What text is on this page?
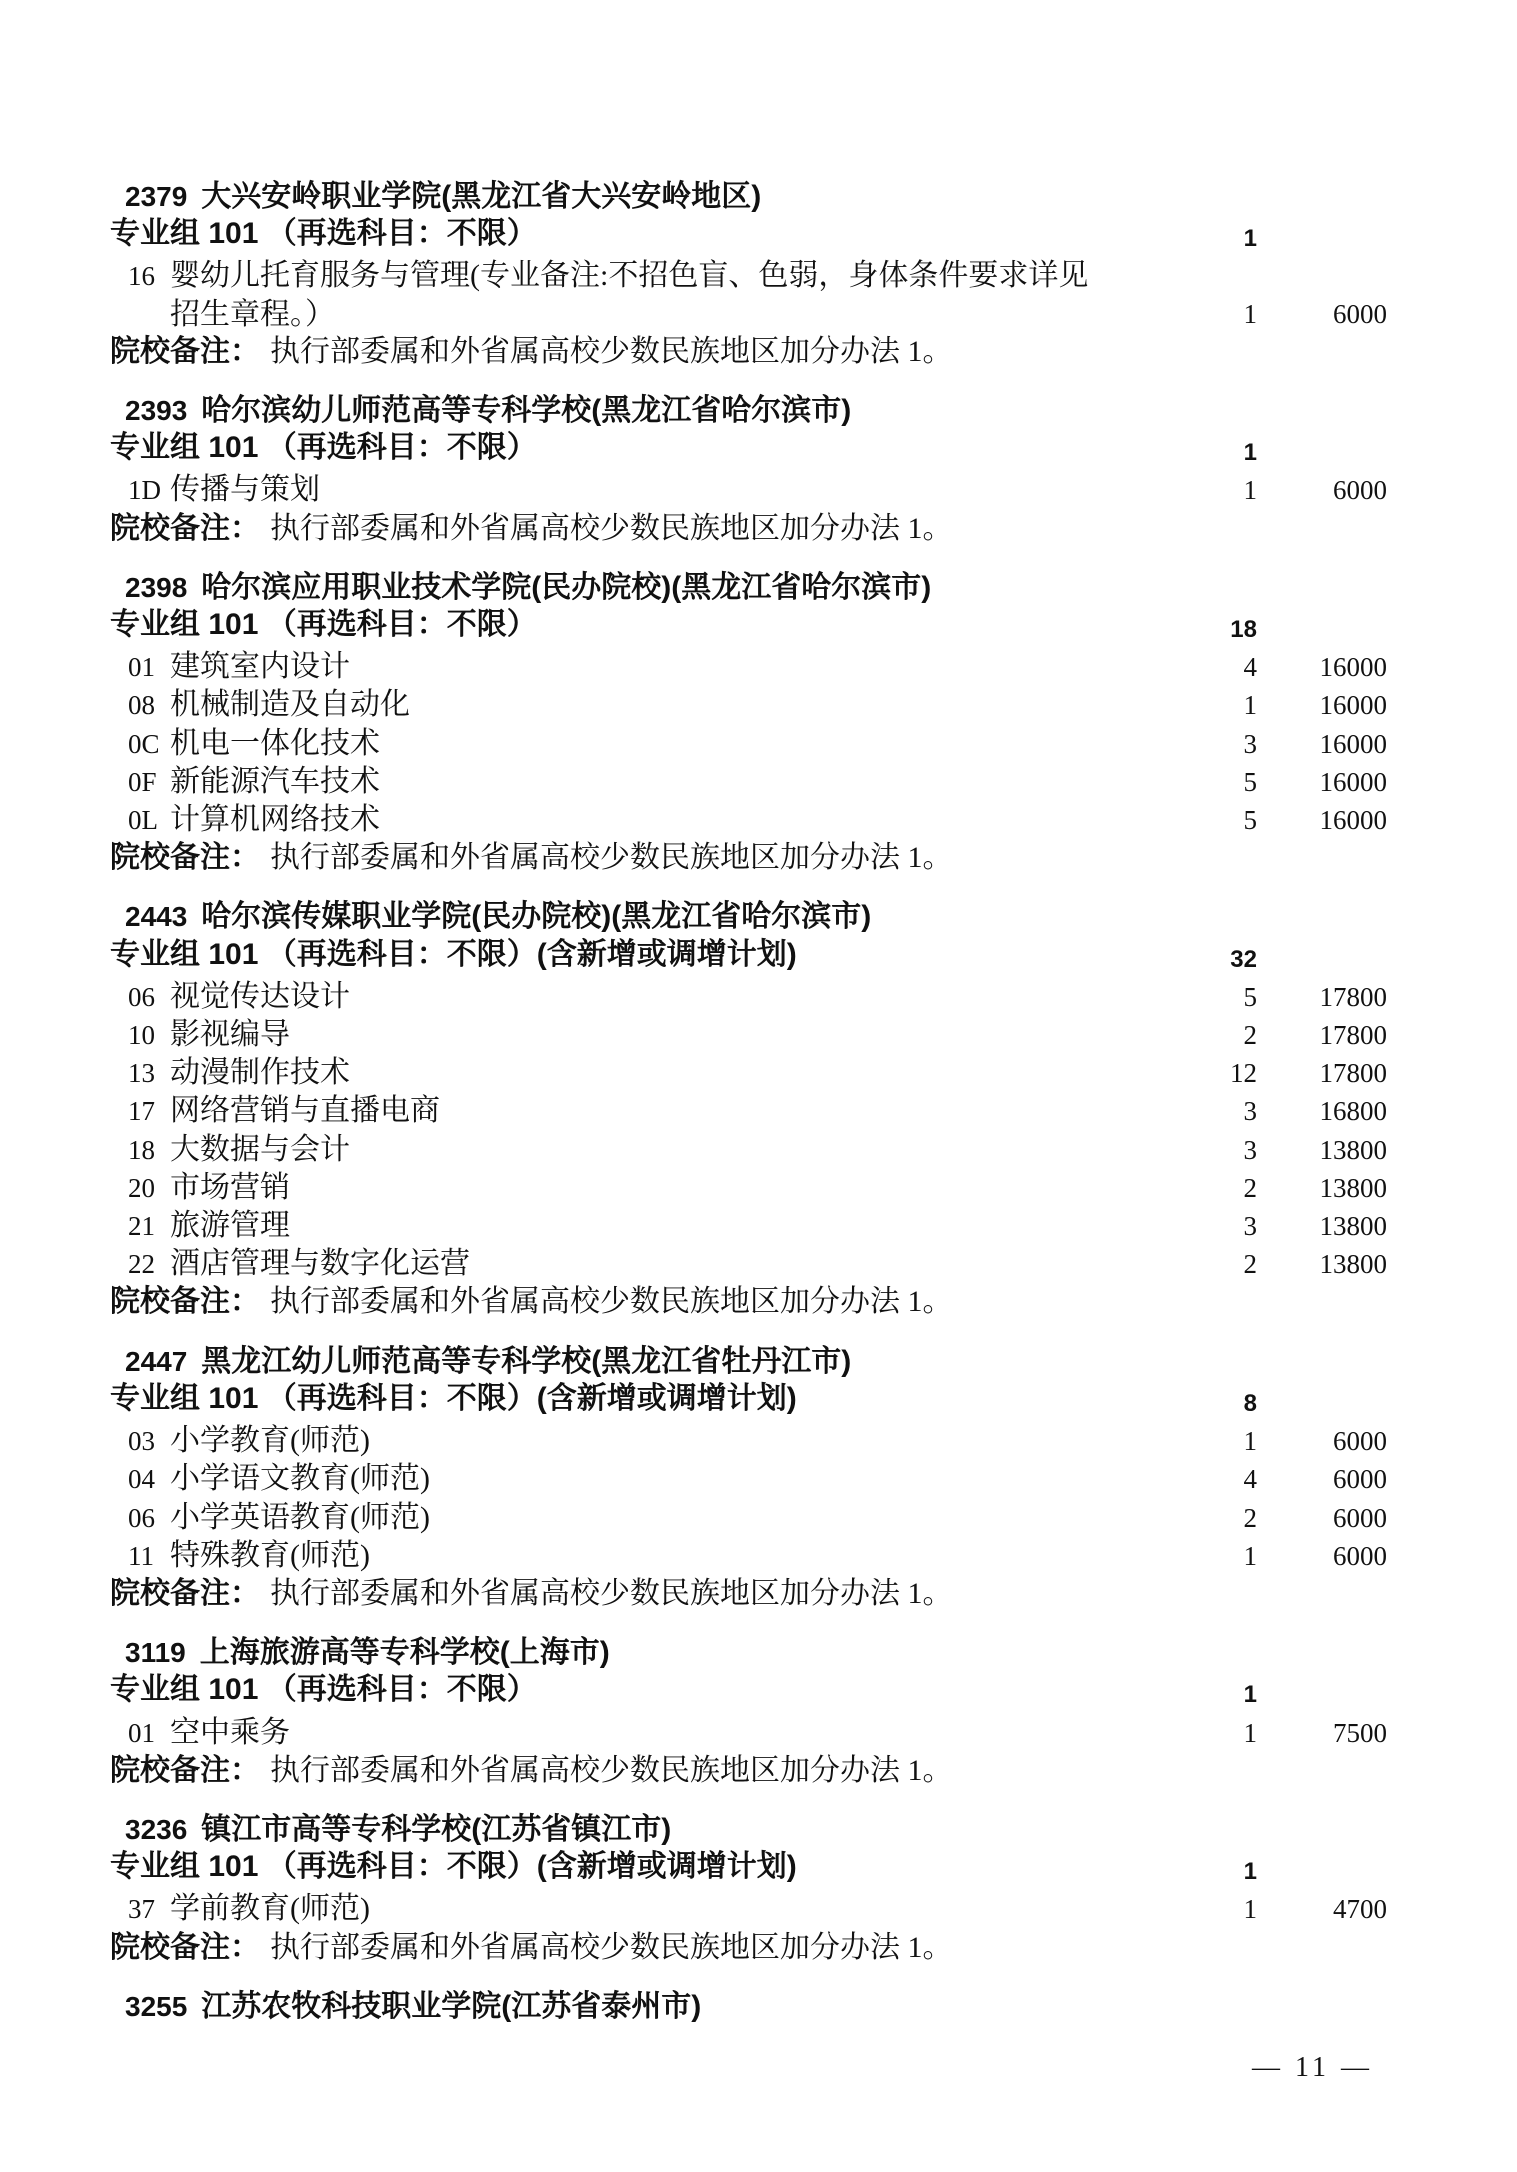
2379 大兴安岭职业学院(黑龙江省大兴安岭地区)
专业组 101 （再选科目：不限）	1
16 婴幼儿托育服务与管理(专业备注:不招色盲、色弱，身体条件要求详见
招生章程。）	1	6000
院校备注： 执行部委属和外省属高校少数民族地区加分办法 1。
2393 哈尔滨幼儿师范高等专科学校(黑龙江省哈尔滨市)
专业组 101 （再选科目：不限）	1
1D 传播与策划	1	6000
院校备注： 执行部委属和外省属高校少数民族地区加分办法 1。
2398 哈尔滨应用职业技术学院(民办院校)(黑龙江省哈尔滨市)
专业组 101 （再选科目：不限）	18
01 建筑室内设计	4	16000
08 机械制造及自动化	1	16000
0C 机电一体化技术	3	16000
0F 新能源汽车技术	5	16000
0L 计算机网络技术	5	16000
院校备注： 执行部委属和外省属高校少数民族地区加分办法 1。
2443 哈尔滨传媒职业学院(民办院校)(黑龙江省哈尔滨市)
专业组 101 （再选科目：不限）(含新增或调增计划)	32
06 视觉传达设计	5	17800
10 影视编导	2	17800
13 动漫制作技术	12	17800
17 网络营销与直播电商	3	16800
18 大数据与会计	3	13800
20 市场营销	2	13800
21 旅游管理	3	13800
22 酒店管理与数字化运营	2	13800
院校备注： 执行部委属和外省属高校少数民族地区加分办法 1。
2447 黑龙江幼儿师范高等专科学校(黑龙江省牡丹江市)
专业组 101 （再选科目：不限）(含新增或调增计划)	8
03 小学教育(师范)	1	6000
04 小学语文教育(师范)	4	6000
06 小学英语教育(师范)	2	6000
11 特殊教育(师范)	1	6000
院校备注： 执行部委属和外省属高校少数民族地区加分办法 1。
3119 上海旅游高等专科学校(上海市)
专业组 101 （再选科目：不限）	1
01 空中乘务	1	7500
院校备注： 执行部委属和外省属高校少数民族地区加分办法 1。
3236 镇江市高等专科学校(江苏省镇江市)
专业组 101 （再选科目：不限）(含新增或调增计划)	1
37 学前教育(师范)	1	4700
院校备注： 执行部委属和外省属高校少数民族地区加分办法 1。
3255 江苏农牧科技职业学院(江苏省泰州市)
— 11 —
